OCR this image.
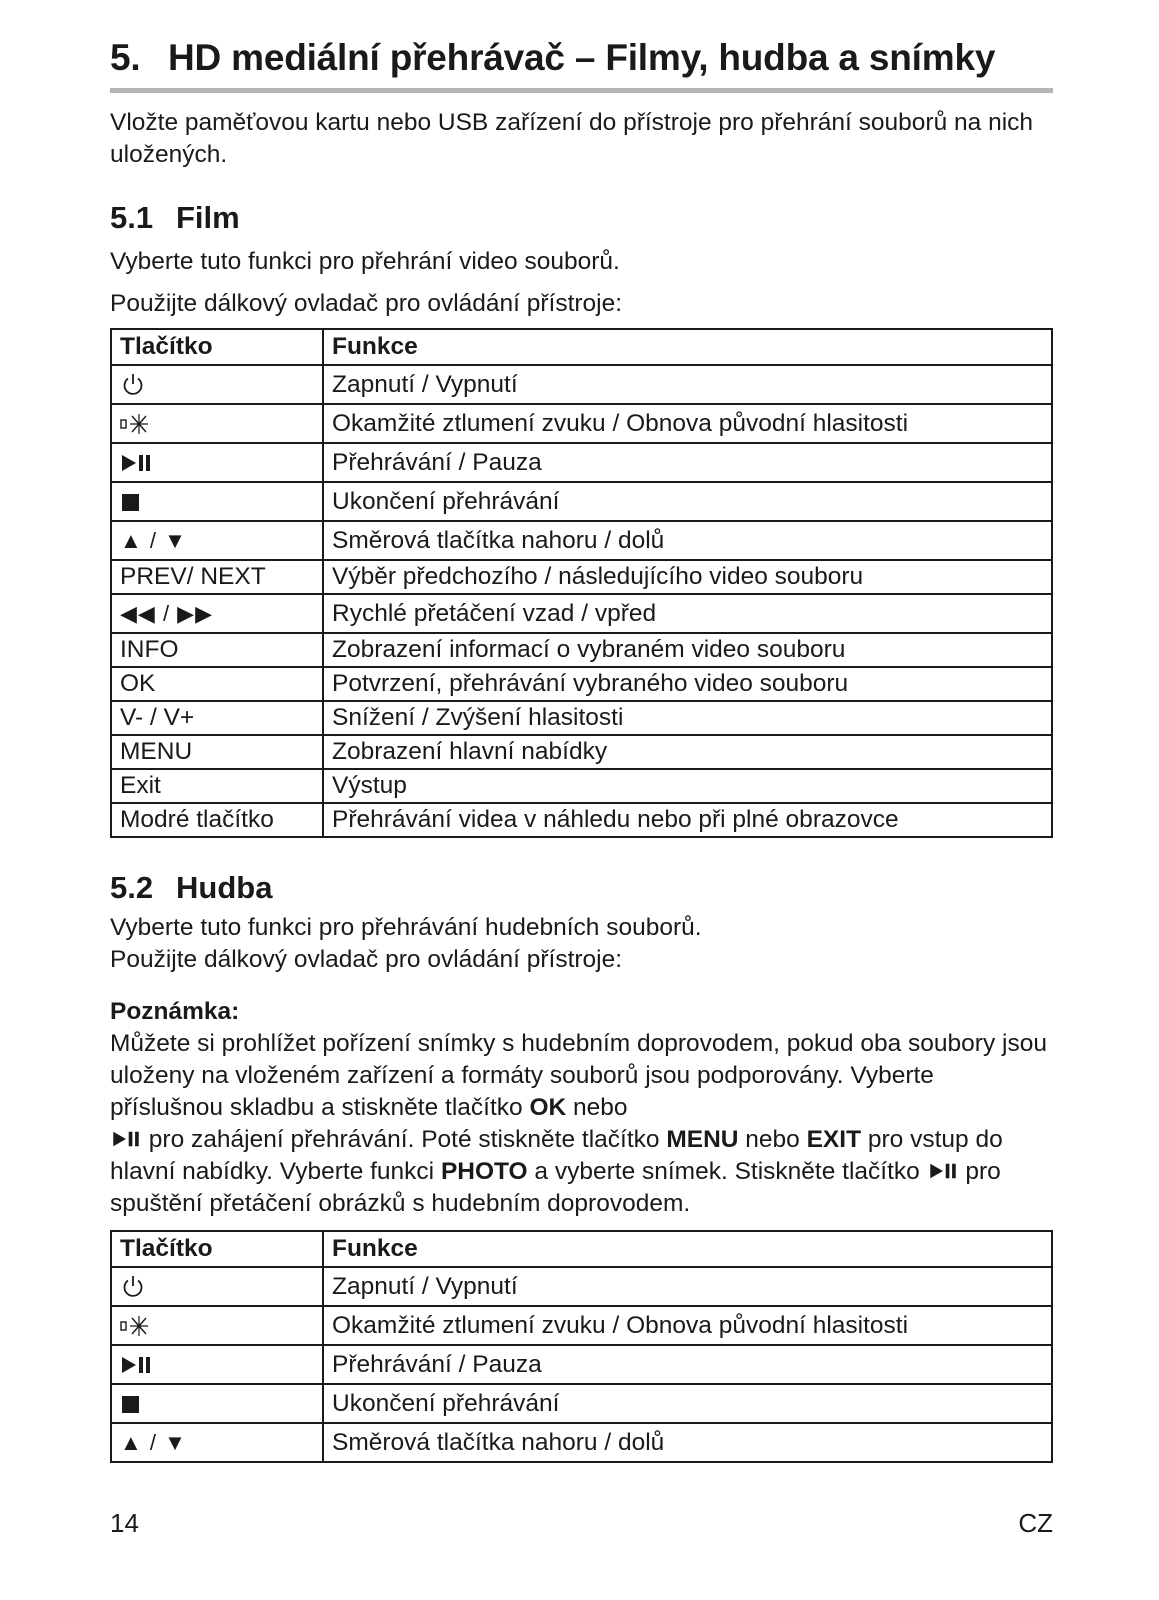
5. HD mediální přehrávač – Filmy, hudba a snímky

Vložte paměťovou kartu nebo USB zařízení do přístroje pro přehrání souborů na nich uložených.

5.1 Film

Vyberte tuto funkci pro přehrání video souborů.

Použijte dálkový ovladač pro ovládání přístroje:

Tlačítko	Funkce
	Zapnutí / Vypnutí
	Okamžité ztlumení zvuku / Obnova původní hlasitosti
	Přehrávání / Pauza
	Ukončení přehrávání
▲ / ▼	Směrová tlačítka nahoru / dolů
PREV/ NEXT	Výběr předchozího / následujícího video souboru
◀◀ / ▶▶	Rychlé přetáčení vzad / vpřed
INFO	Zobrazení informací o vybraném video souboru
OK	Potvrzení, přehrávání vybraného video souboru
V- / V+	Snížení / Zvýšení hlasitosti
MENU	Zobrazení hlavní nabídky
Exit	Výstup
Modré tlačítko	Přehrávání videa v náhledu nebo při plné obrazovce
5.2 Hudba

Vyberte tuto funkci pro přehrávání hudebních souborů.

Použijte dálkový ovladač pro ovládání přístroje:

Poznámka:

Můžete si prohlížet pořízení snímky s hudebním doprovodem, pokud oba soubory jsou uloženy na vloženém zařízení a formáty souborů jsou podporovány. Vyberte příslušnou skladbu a stiskněte tlačítko OK nebo
pro zahájení přehrávání. Poté stiskněte tlačítko MENU nebo EXIT pro vstup do hlavní nabídky. Vyberte funkci PHOTO a vyberte snímek. Stiskněte tlačítko  pro spuštění přetáčení obrázků s hudebním doprovodem.

Tlačítko	Funkce
	Zapnutí / Vypnutí
	Okamžité ztlumení zvuku / Obnova původní hlasitosti
	Přehrávání / Pauza
	Ukončení přehrávání
▲ / ▼	Směrová tlačítka nahoru / dolů
14	CZ
